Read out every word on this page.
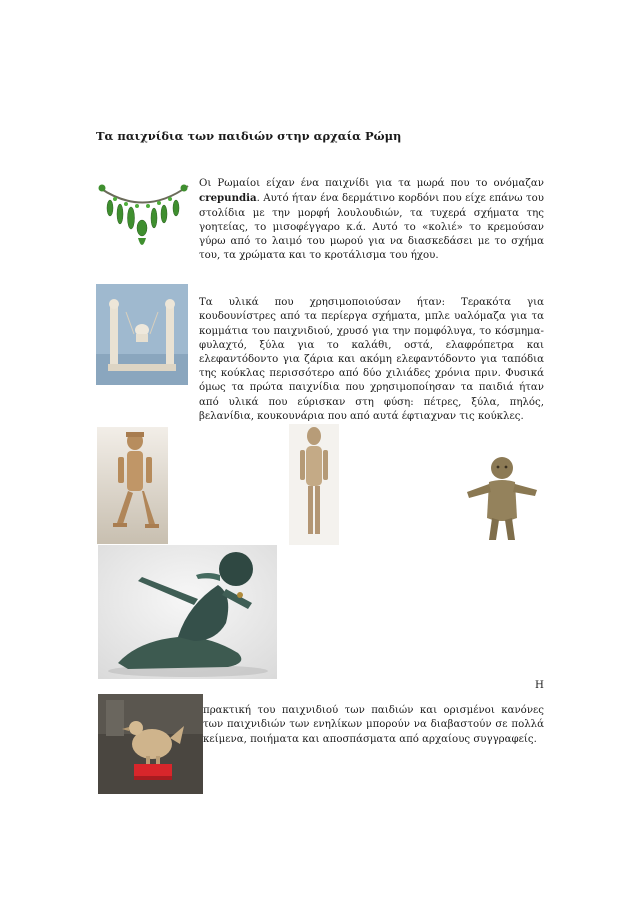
Τα παιχνίδια των παιδιών στην αρχαία Ρώμη

Οι Ρωμαίοι είχαν ένα παιχνίδι για τα μωρά που το ονόμαζαν crepundia. Αυτό ήταν ένα δερμάτινο κορδόνι που είχε επάνω του στολίδια με την μορφή λουλουδιών, τα τυχερά σχήματα της γοητείας, το μισοφέγγαρο κ.ά. Αυτό το «κολιέ» το κρεμούσαν γύρω από το λαιμό του μωρού για να διασκεδάσει με το σχήμα του, τα χρώματα και το κροτάλισμα του ήχου.

Τα υλικά που χρησιμοποιούσαν ήταν: Τερακότα για κουδουνίστρες από τα περίεργα σχήματα, μπλε υαλόμαζα για τα κομμάτια του παιχνιδιού, χρυσό για την πομφόλυγα, το κόσμημα-φυλαχτό, ξύλα για το καλάθι, οστά, ελαφρόπετρα και ελεφαντόδοντο για ζάρια και ακόμη ελεφαντόδοντο για ταπόδια της κούκλας περισσότερο από δύο χιλιάδες χρόνια πριν. Φυσικά όμως τα πρώτα παιχνίδια που χρησιμοποίησαν τα παιδιά ήταν από υλικά που εύρισκαν στη φύση: πέτρες, ξύλα, πηλός, βελανίδια, κουκουνάρια που από αυτά έφτιαχναν τις κούκλες.

Η

πρακτική του παιχνιδιού των παιδιών και ορισμένοι κανόνες των παιχνιδιών των ενηλίκων μπορούν να διαβαστούν σε πολλά κείμενα, ποιήματα και αποσπάσματα από αρχαίους συγγραφείς.
